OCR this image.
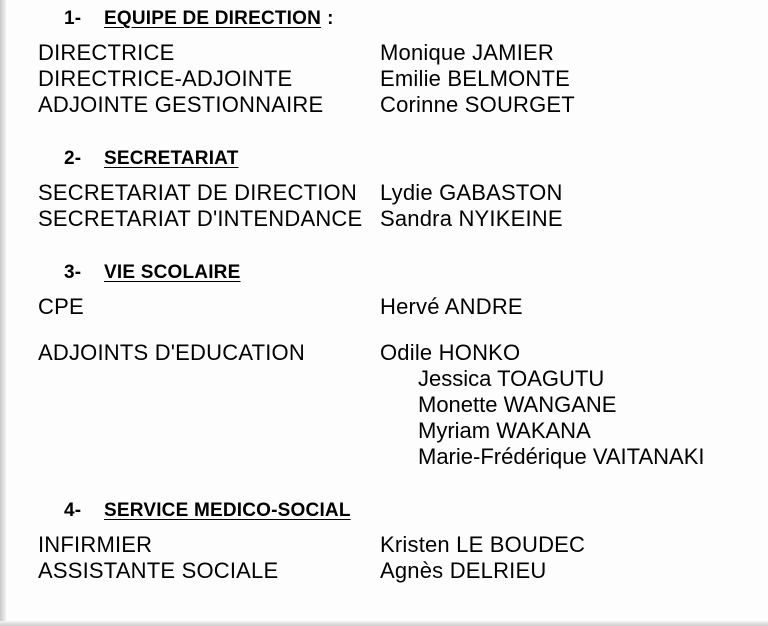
1-	EQUIPE DE DIRECTION :
DIRECTRICE	Monique JAMIER
DIRECTRICE-ADJOINTE	Emilie BELMONTE
ADJOINTE GESTIONNAIRE	Corinne SOURGET
2-	SECRETARIAT
SECRETARIAT DE DIRECTION	Lydie GABASTON
SECRETARIAT D'INTENDANCE Sandra NYIKEINE
3-	VIE SCOLAIRE
CPE	Hervé ANDRE
ADJOINTS D'EDUCATION	Odile HONKO
Jessica TOAGUTU
Monette WANGANE
Myriam WAKANA
Marie-Frédérique VAITANAKI
4-	SERVICE MEDICO-SOCIAL
INFIRMIER	Kristen LE BOUDEC
ASSISTANTE SOCIALE	Agnès DELRIEU
